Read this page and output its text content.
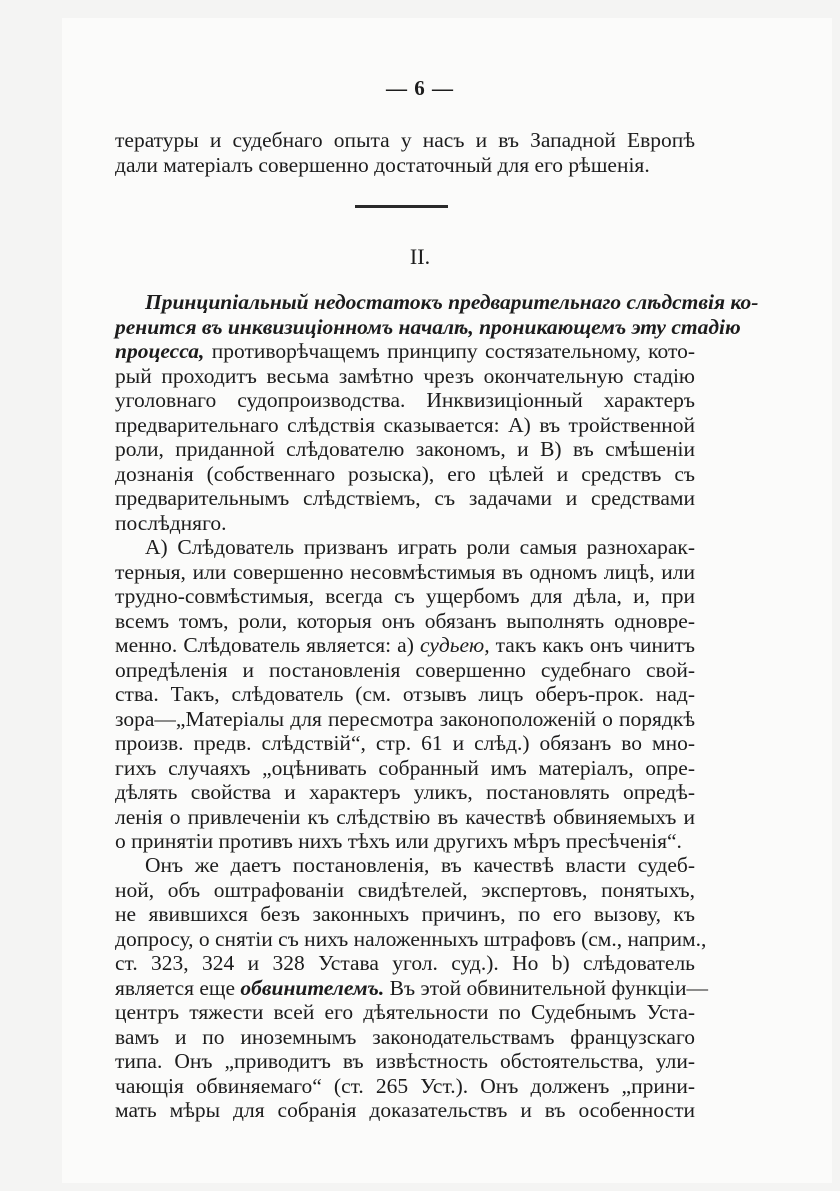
— 6 —
тературы и судебнаго опыта у насъ и въ Западной Европѣ
дали матеріалъ совершенно достаточный для его рѣшенія.
II.
Принципіальный недостатокъ предварительнаго слѣдствія ко-
ренится въ инквизиціонномъ началѣ, проникающемъ эту стадію
процесса, противорѣчащемъ принципу состязательному, кото-
рый проходитъ весьма замѣтно чрезъ окончательную стадію
уголовнаго судопроизводства. Инквизиціонный характеръ
предварительнаго слѣдствія сказывается: А) въ тройственной
роли, приданной слѣдователю закономъ, и В) въ смѣшеніи
дознанія (собственнаго розыска), его цѣлей и средствъ съ
предварительнымъ слѣдствіемъ, съ задачами и средствами
послѣдняго.
А) Слѣдователь призванъ играть роли самыя разнохарак-
терныя, или совершенно несовмѣстимыя въ одномъ лицѣ, или
трудно-совмѣстимыя, всегда съ ущербомъ для дѣла, и, при
всемъ томъ, роли, которыя онъ обязанъ выполнять одновре-
менно. Слѣдователь является: а) судьею, такъ какъ онъ чинитъ
опредѣленія и постановленія совершенно судебнаго свой-
ства. Такъ, слѣдователь (см. отзывъ лицъ оберъ-прок. над-
зора—„Матеріалы для пересмотра законоположеній о порядкѣ
произв. предв. слѣдствій“, стр. 61 и слѣд.) обязанъ во мно-
гихъ случаяхъ „оцѣнивать собранный имъ матеріалъ, опре-
дѣлять свойства и характеръ уликъ, постановлять опредѣ-
ленія о привлеченіи къ слѣдствію въ качествѣ обвиняемыхъ и
о принятіи противъ нихъ тѣхъ или другихъ мѣръ пресѣченія“.
Онъ же даетъ постановленія, въ качествѣ власти судеб-
ной, объ оштрафованіи свидѣтелей, экспертовъ, понятыхъ,
не явившихся безъ законныхъ причинъ, по его вызову, къ
допросу, о снятіи съ нихъ наложенныхъ штрафовъ (см., наприм.,
ст. 323, 324 и 328 Устава угол. суд.). Но b) слѣдователь
является еще обвинителемъ. Въ этой обвинительной функціи—
центръ тяжести всей его дѣятельности по Судебнымъ Уста-
вамъ и по иноземнымъ законодательствамъ французскаго
типа. Онъ „приводитъ въ извѣстность обстоятельства, ули-
чающія обвиняемаго“ (ст. 265 Уст.). Онъ долженъ „прини-
мать мѣры для собранія доказательствъ и въ особенности
